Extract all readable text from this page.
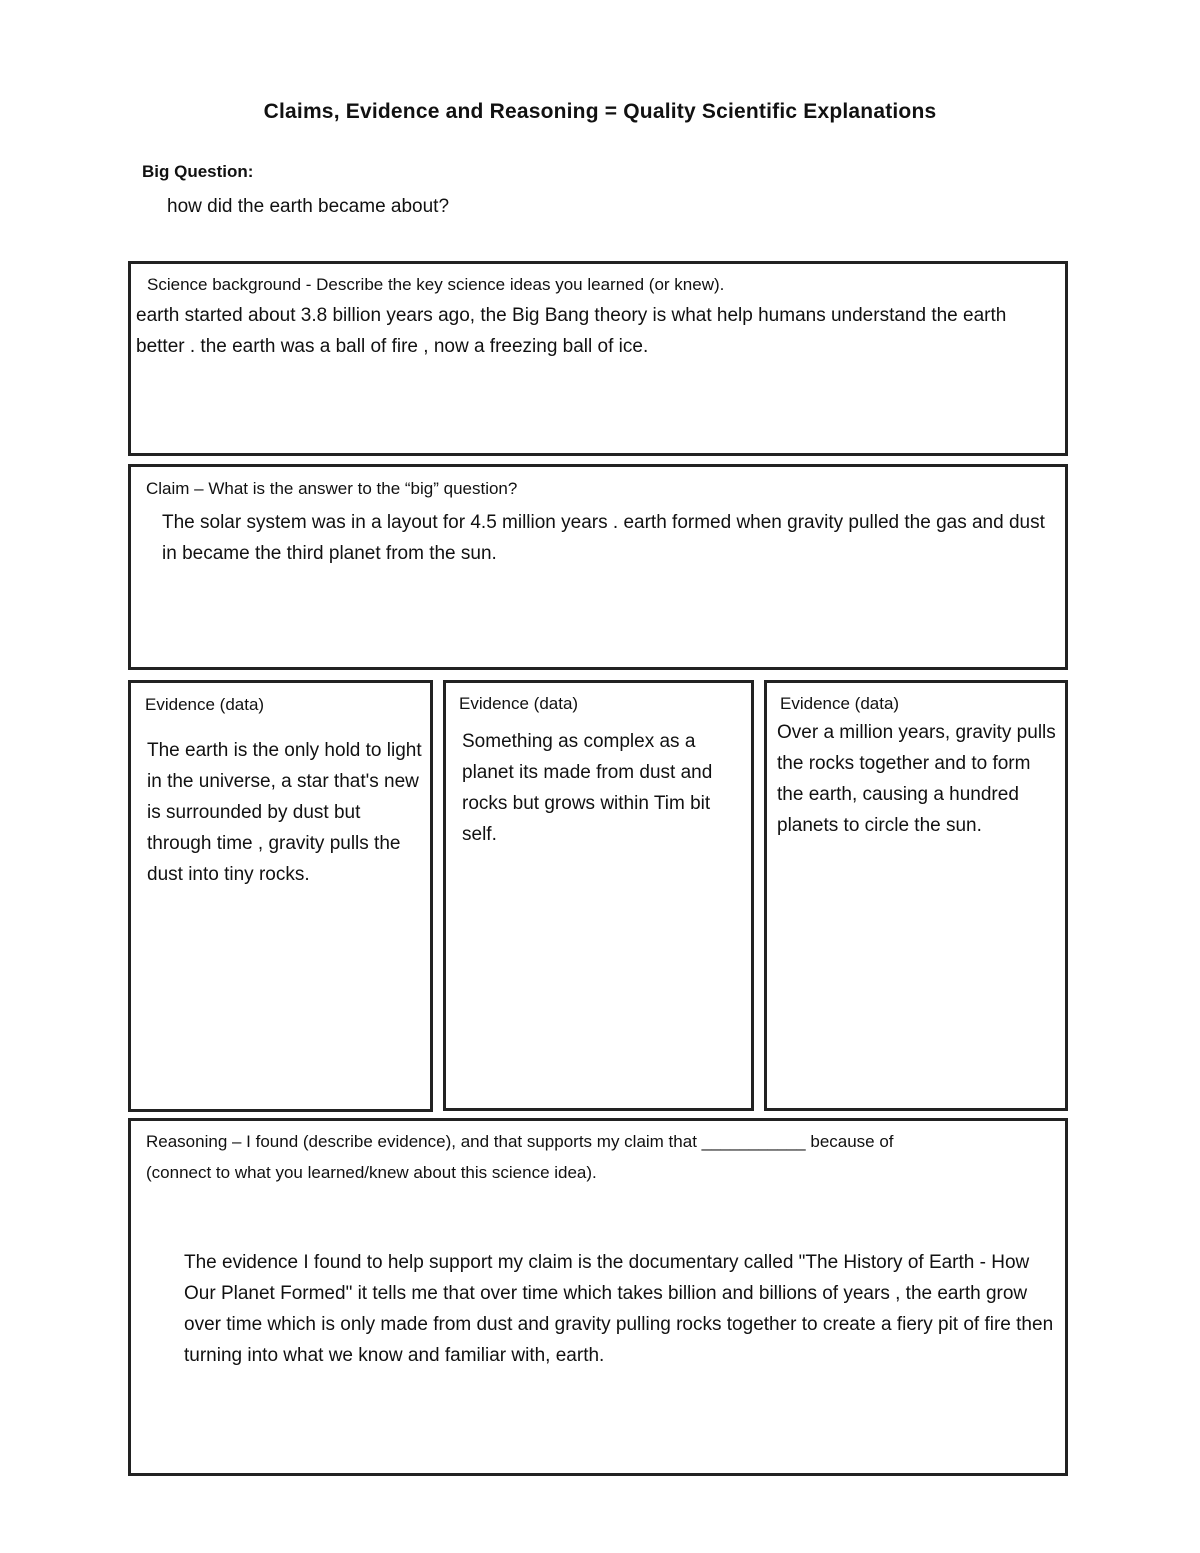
Claims, Evidence and Reasoning = Quality Scientific Explanations
Big Question:
how did the earth became about?
Science background - Describe the key science ideas you learned (or knew).
earth started about 3.8 billion years ago, the Big Bang theory is what help humans understand the earth better . the earth was a ball of fire , now a freezing ball of ice.
Claim – What is the answer to the “big” question?
The solar system was in a layout for 4.5 million years . earth formed when gravity pulled the gas and dust in became the third planet from the sun.
Evidence (data)
The earth is the only hold to light in the universe, a star that's new is surrounded by dust but through time , gravity pulls the dust into tiny rocks.
Evidence (data)
Something as complex as a planet its made from dust and rocks but grows within Tim bit self.
Evidence (data)
Over a million years, gravity pulls the rocks together and to form the earth, causing a hundred planets to circle the sun.
Reasoning – I found (describe evidence), and that supports my claim that ___________ because of
(connect to what you learned/knew about this science idea).
The evidence I found to help support my claim is the documentary called "The History of Earth - How Our Planet Formed" it tells me that over time which takes billion and billions of years , the earth grow over time which is only made from dust and gravity pulling rocks together to create a fiery pit of fire then turning into what we know and familiar with, earth.
